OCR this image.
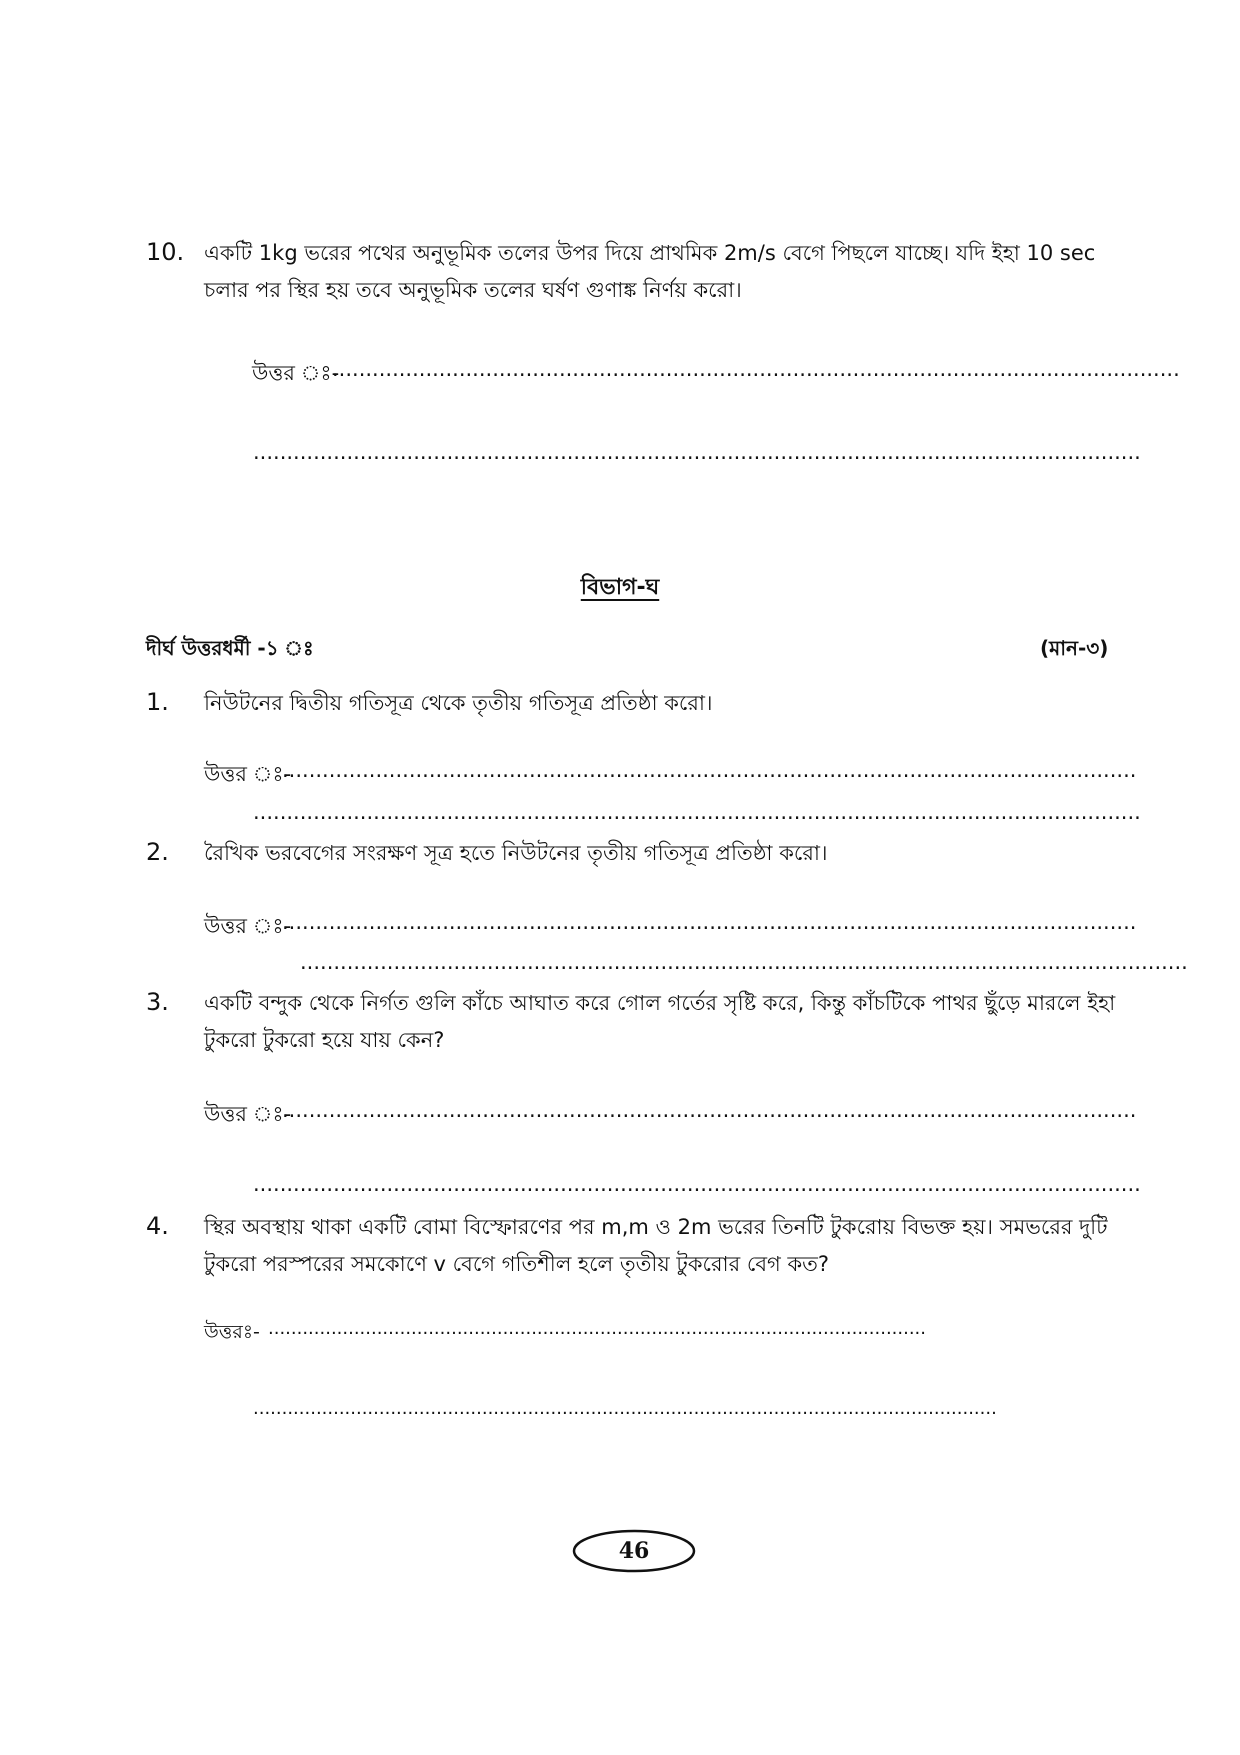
10. একটি 1kg ভরের পথের অনুভূমিক তলের উপর দিয়ে প্রাথমিক 2m/s বেগে পিছলে যাচ্ছে। যদি ইহা 10 sec
চলার পর স্থির হয় তবে অনুভূমিক তলের ঘর্ষণ গুণাঙ্ক নির্ণয় করো।
উত্তর ঃ-
...............................................................................................................................
.....................................................................................................................................
বিভাগ-ঘ
দীর্ঘ উত্তরধর্মী -১ ঃ	(মান-৩)
1. নিউটনের দ্বিতীয় গতিসূত্র থেকে তৃতীয় গতিসূত্র প্রতিষ্ঠা করো।
উত্তর ঃ-
................................................................................................................................
.....................................................................................................................................
2. রৈখিক ভরবেগের সংরক্ষণ সূত্র হতে নিউটনের তৃতীয় গতিসূত্র প্রতিষ্ঠা করো।
উত্তর ঃ-
................................................................................................................................
.....................................................................................................................................
3. একটি বন্দুক থেকে নির্গত গুলি কাঁচে আঘাত করে গোল গর্তের সৃষ্টি করে, কিন্তু কাঁচটিকে পাথর ছুঁড়ে মারলে ইহা
টুকরো টুকরো হয়ে যায় কেন?
উত্তর ঃ-
................................................................................................................................
.....................................................................................................................................
4. স্থির অবস্থায় থাকা একটি বোমা বিস্ফোরণের পর m,m ও 2m ভরের তিনটি টুকরোয় বিভক্ত হয়। সমভরের দুটি
টুকরো পরস্পরের সমকোণে v বেগে গতিশীল হলে তৃতীয় টুকরোর বেগ কত?
উত্তরঃ- ...................................................................................................................
..................................................................................................................................
46
